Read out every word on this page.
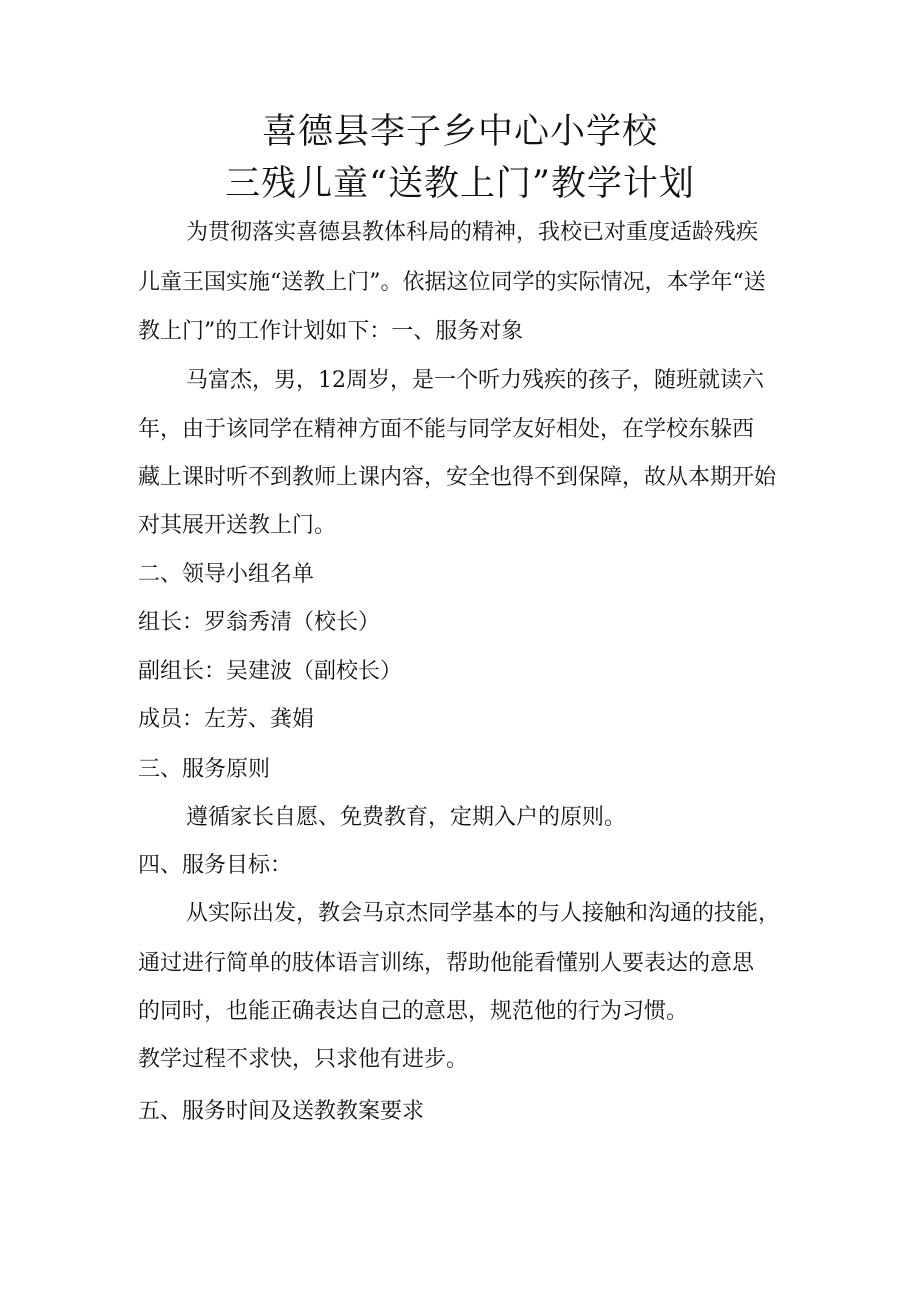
喜德县李子乡中心小学校
三残儿童“送教上门”教学计划
为贯彻落实喜德县教体科局的精神，我校已对重度适龄残疾
儿童王国实施“送教上门”。依据这位同学的实际情况，本学年“送
教上门”的工作计划如下：一、服务对象
马富杰，男，12周岁，是一个听力残疾的孩子，随班就读六
年，由于该同学在精神方面不能与同学友好相处，在学校东躲西
藏上课时听不到教师上课内容，安全也得不到保障，故从本期开始
对其展开送教上门。
二、领导小组名单
组长：罗翁秀清（校长）
副组长：吴建波（副校长）
成员：左芳、龚娟
三、服务原则
遵循家长自愿、免费教育，定期入户的原则。
四、服务目标：
从实际出发，教会马京杰同学基本的与人接触和沟通的技能，
通过进行简单的肢体语言训练，帮助他能看懂别人要表达的意思
的同时，也能正确表达自己的意思，规范他的行为习惯。
教学过程不求快，只求他有进步。
五、服务时间及送教教案要求
